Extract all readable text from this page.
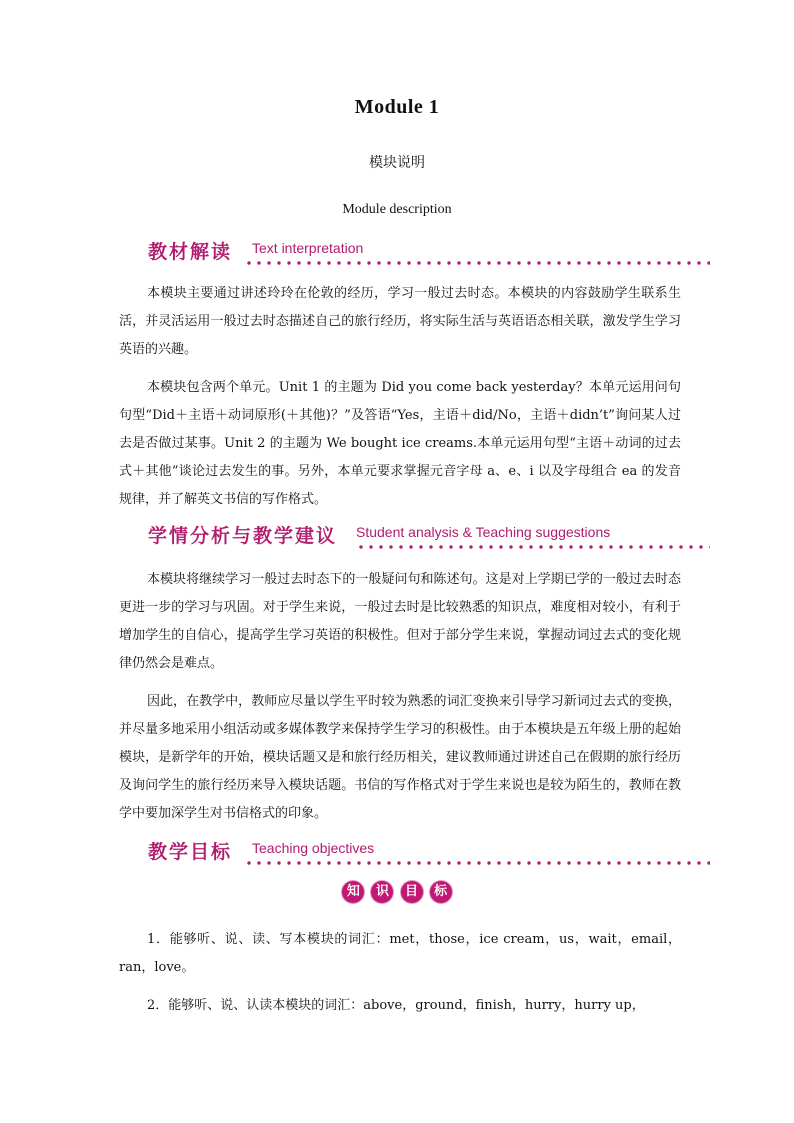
Module 1
模块说明
Module description
教材解读 Text interpretation
本模块主要通过讲述玲玲在伦敦的经历，学习一般过去时态。本模块的内容鼓励学生联系生活，并灵活运用一般过去时态描述自己的旅行经历，将实际生活与英语语态相关联，激发学生学习英语的兴趣。
本模块包含两个单元。Unit 1 的主题为 Did you come back yesterday？本单元运用问句句型“Did＋主语＋动词原形(＋其他)？”及答语“Yes，主语＋did/No，主语＋didn’t”询问某人过去是否做过某事。Unit 2 的主题为 We bought ice creams.本单元运用句型“主语＋动词的过去式＋其他”谈论过去发生的事。另外，本单元要求掌握元音字母 a、e、i 以及字母组合 ea 的发音规律，并了解英文书信的写作格式。
学情分析与教学建议 Student analysis & Teaching suggestions
本模块将继续学习一般过去时态下的一般疑问句和陈述句。这是对上学期已学的一般过去时态更进一步的学习与巩固。对于学生来说，一般过去时是比较熟悉的知识点，难度相对较小，有利于增加学生的自信心，提高学生学习英语的积极性。但对于部分学生来说，掌握动词过去式的变化规律仍然会是难点。
因此，在教学中，教师应尽量以学生平时较为熟悉的词汇变换来引导学习新词过去式的变换，并尽量多地采用小组活动或多媒体教学来保持学生学习的积极性。由于本模块是五年级上册的起始模块，是新学年的开始，模块话题又是和旅行经历相关，建议教师通过讲述自己在假期的旅行经历及询问学生的旅行经历来导入模块话题。书信的写作格式对于学生来说也是较为陌生的，教师在教学中要加深学生对书信格式的印象。
教学目标 Teaching objectives
知 识 目 标
1．能够听、说、读、写本模块的词汇：met，those，ice cream，us，wait，email，ran，love。
2．能够听、说、认读本模块的词汇：above，ground，finish，hurry，hurry up，
